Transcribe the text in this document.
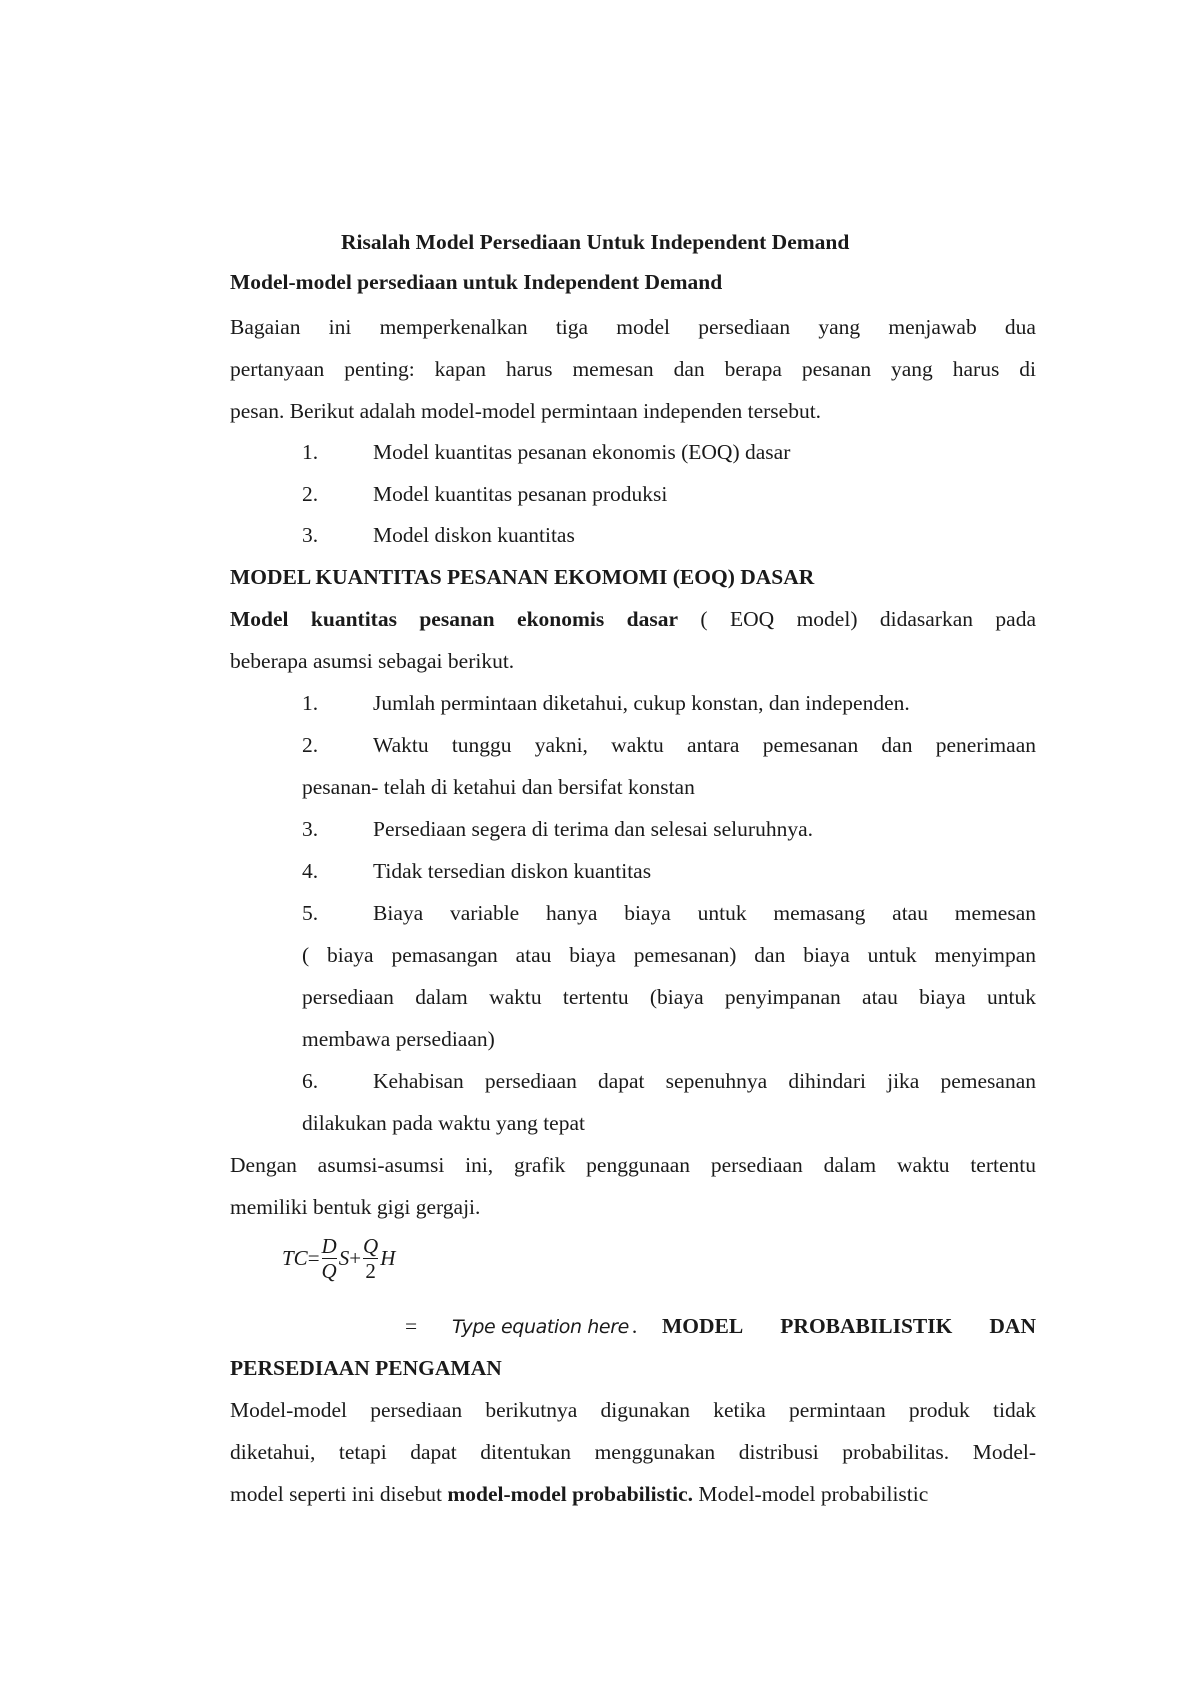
Risalah Model Persediaan Untuk Independent Demand
Model-model persediaan untuk Independent Demand
Bagaian ini memperkenalkan tiga model persediaan yang menjawab dua
pertanyaan penting: kapan harus memesan dan berapa pesanan yang harus di
pesan. Berikut adalah model-model permintaan independen tersebut.
1.	Model kuantitas pesanan ekonomis (EOQ) dasar
2.	Model kuantitas pesanan produksi
3.	Model diskon kuantitas
MODEL KUANTITAS PESANAN EKOMOMI (EOQ) DASAR
Model kuantitas pesanan ekonomis dasar ( EOQ model) didasarkan pada
beberapa asumsi sebagai berikut.
1.	Jumlah permintaan diketahui, cukup konstan, dan independen.
2.	Waktu tunggu yakni, waktu antara pemesanan dan penerimaan
pesanan- telah di ketahui dan bersifat konstan
3.	Persediaan segera di terima dan selesai seluruhnya.
4.	Tidak tersedian diskon kuantitas
5.	Biaya variable hanya biaya untuk memasang atau memesan
( biaya pemasangan atau biaya pemesanan) dan biaya untuk menyimpan
persediaan dalam waktu tertentu (biaya penyimpanan atau biaya untuk
membawa persediaan)
6.	Kehabisan persediaan dapat sepenuhnya dihindari jika pemesanan
dilakukan pada waktu yang tepat
Dengan asumsi-asumsi ini, grafik penggunaan persediaan dalam waktu tertentu
memiliki bentuk gigi gergaji.
TC = $\frac{D}{Q}$ $S + \frac{Q}{2}$ H
= Type equation here . MODEL PROBABILISTIK DAN
PERSEDIAAN PENGAMAN
Model-model persediaan berikutnya digunakan ketika permintaan produk tidak
diketahui, tetapi dapat ditentukan menggunakan distribusi probabilitas. Model-
model seperti ini disebut model-model probabilistic. Model-model probabilistic
